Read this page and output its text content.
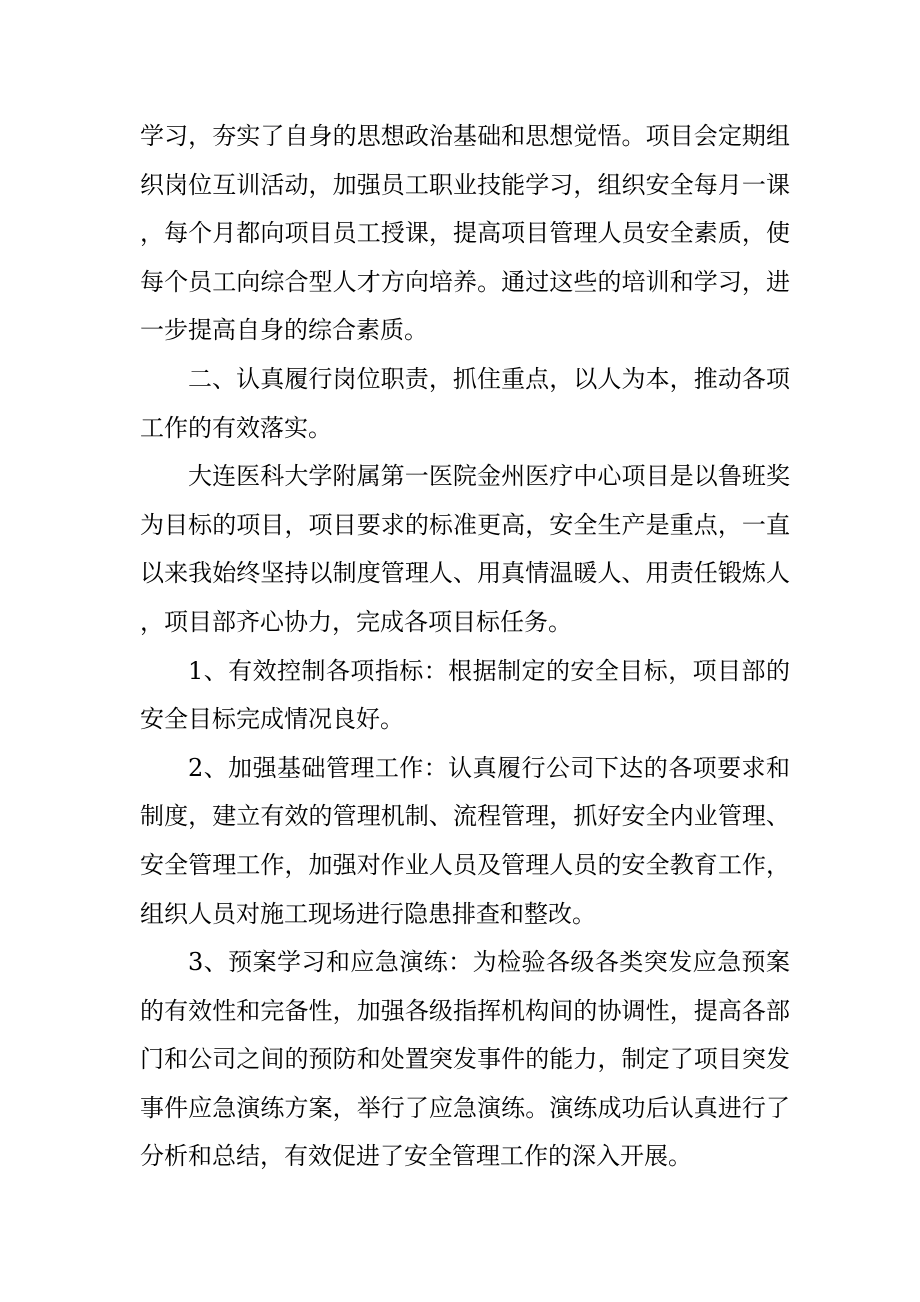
学习，夯实了自身的思想政治基础和思想觉悟。项目会定期组织岗位互训活动，加强员工职业技能学习，组织安全每月一课，每个月都向项目员工授课，提高项目管理人员安全素质，使每个员工向综合型人才方向培养。通过这些的培训和学习，进一步提高自身的综合素质。

二、认真履行岗位职责，抓住重点，以人为本，推动各项工作的有效落实。

大连医科大学附属第一医院金州医疗中心项目是以鲁班奖为目标的项目，项目要求的标准更高，安全生产是重点，一直以来我始终坚持以制度管理人、用真情温暖人、用责任锻炼人，项目部齐心协力，完成各项目标任务。

1、有效控制各项指标：根据制定的安全目标，项目部的安全目标完成情况良好。

2、加强基础管理工作：认真履行公司下达的各项要求和制度，建立有效的管理机制、流程管理，抓好安全内业管理、安全管理工作，加强对作业人员及管理人员的安全教育工作，组织人员对施工现场进行隐患排查和整改。

3、预案学习和应急演练：为检验各级各类突发应急预案的有效性和完备性，加强各级指挥机构间的协调性，提高各部门和公司之间的预防和处置突发事件的能力，制定了项目突发事件应急演练方案，举行了应急演练。演练成功后认真进行了分析和总结，有效促进了安全管理工作的深入开展。
